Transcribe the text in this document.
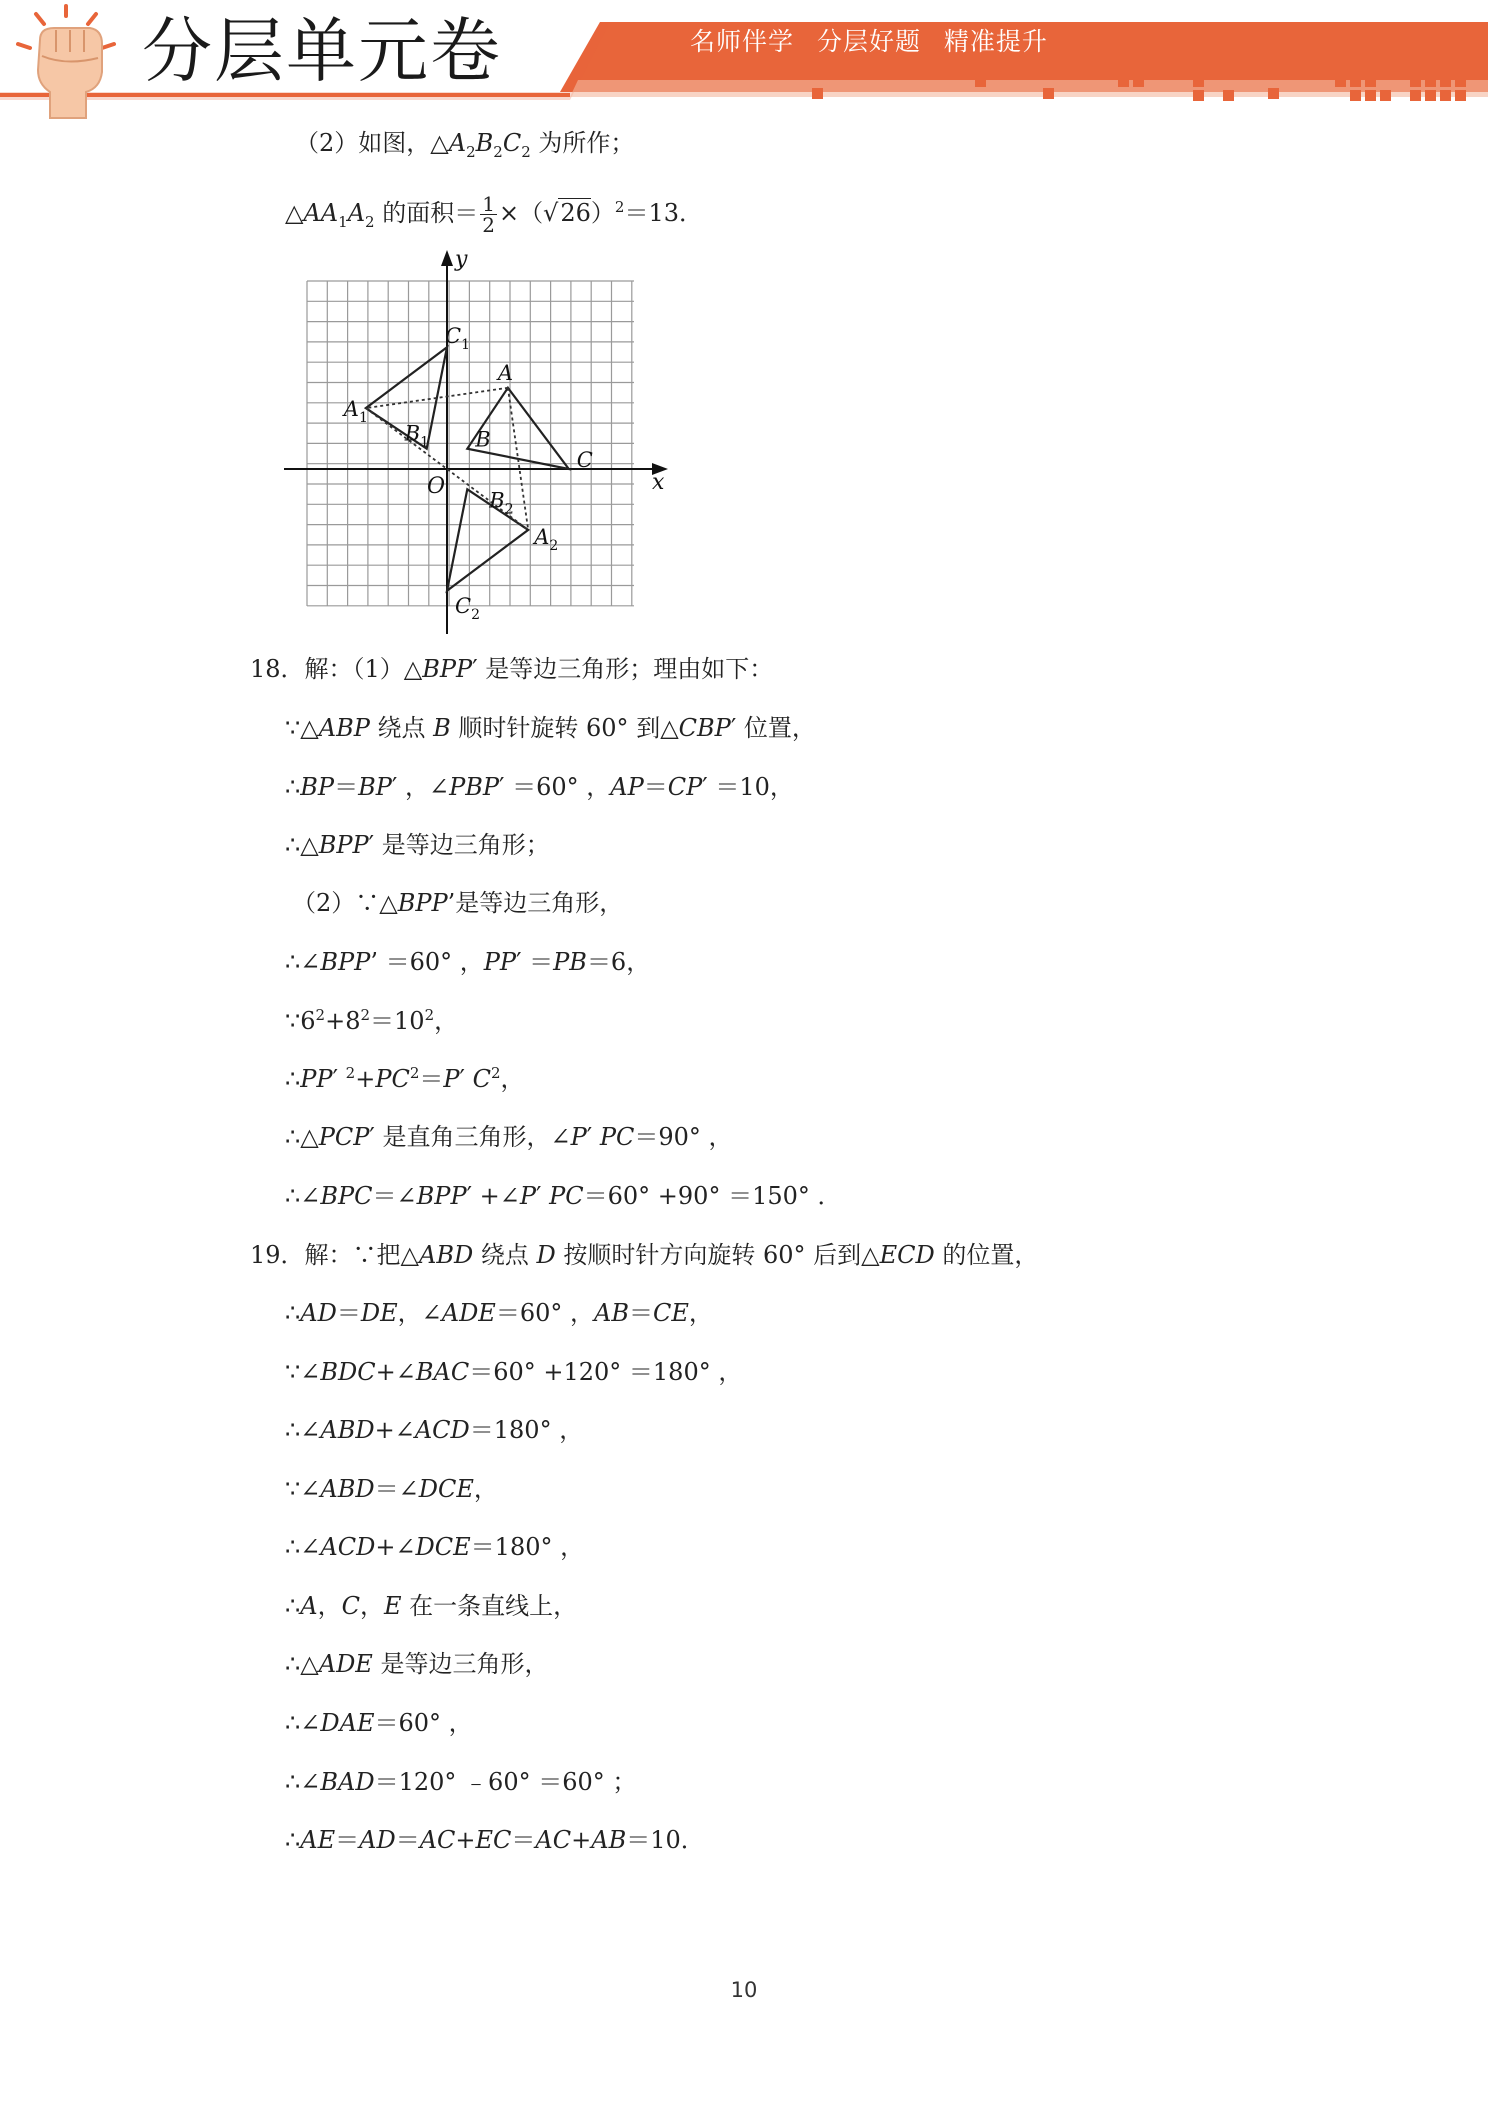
分层单元卷	名师伴学 分层好题 精准提升
（2）如图，$\triangle A_2B_2C_2$ 为所作；
$\triangle AA_1A_2$ 的面积＝ $\frac{1}{2} \times(√26)^2=13$．
x
y
O
A
B
C
$A_1$
$B_1$
$C_1$
$A_2$
$B_2$
$C_2$
18．解：（1）△BPP′ 是等边三角形；理由如下：
∵△ABP 绕点 B 顺时针旋转 60° 到△CBP′ 位置，
∴BP＝BP′ ，∠PBP′ ＝60° ，AP＝CP′ ＝10，
∴△BPP′ 是等边三角形；
（2）∵△BPP’是等边三角形，
∴∠BPP’ ＝60° ，PP′ ＝PB＝6，
$\because 6^2+8^2=10^2$，
∴PP′ $^2+PC^2=P'$ $C^2$，
∴△PCP′ 是直角三角形，∠P′ PC＝90° ，
∴∠BPC＝∠BPP′ +∠P′ PC＝60° +90° ＝150° ．
19．解：∵把△ABD 绕点 D 按顺时针方向旋转 60° 后到△ECD 的位置，
∴AD＝DE，∠ADE＝60° ，AB＝CE，
∵∠BDC+∠BAC＝60° +120° ＝180° ，
∴∠ABD+∠ACD＝180° ，
∵∠ABD＝∠DCE，
∴∠ACD+∠DCE＝180° ，
∴A，C，E 在一条直线上，
∴△ADE 是等边三角形，
∴∠DAE＝60° ，
∴∠BAD＝120° ﹣60° ＝60° ；
∴AE＝AD＝AC+EC＝AC+AB＝10．
10
